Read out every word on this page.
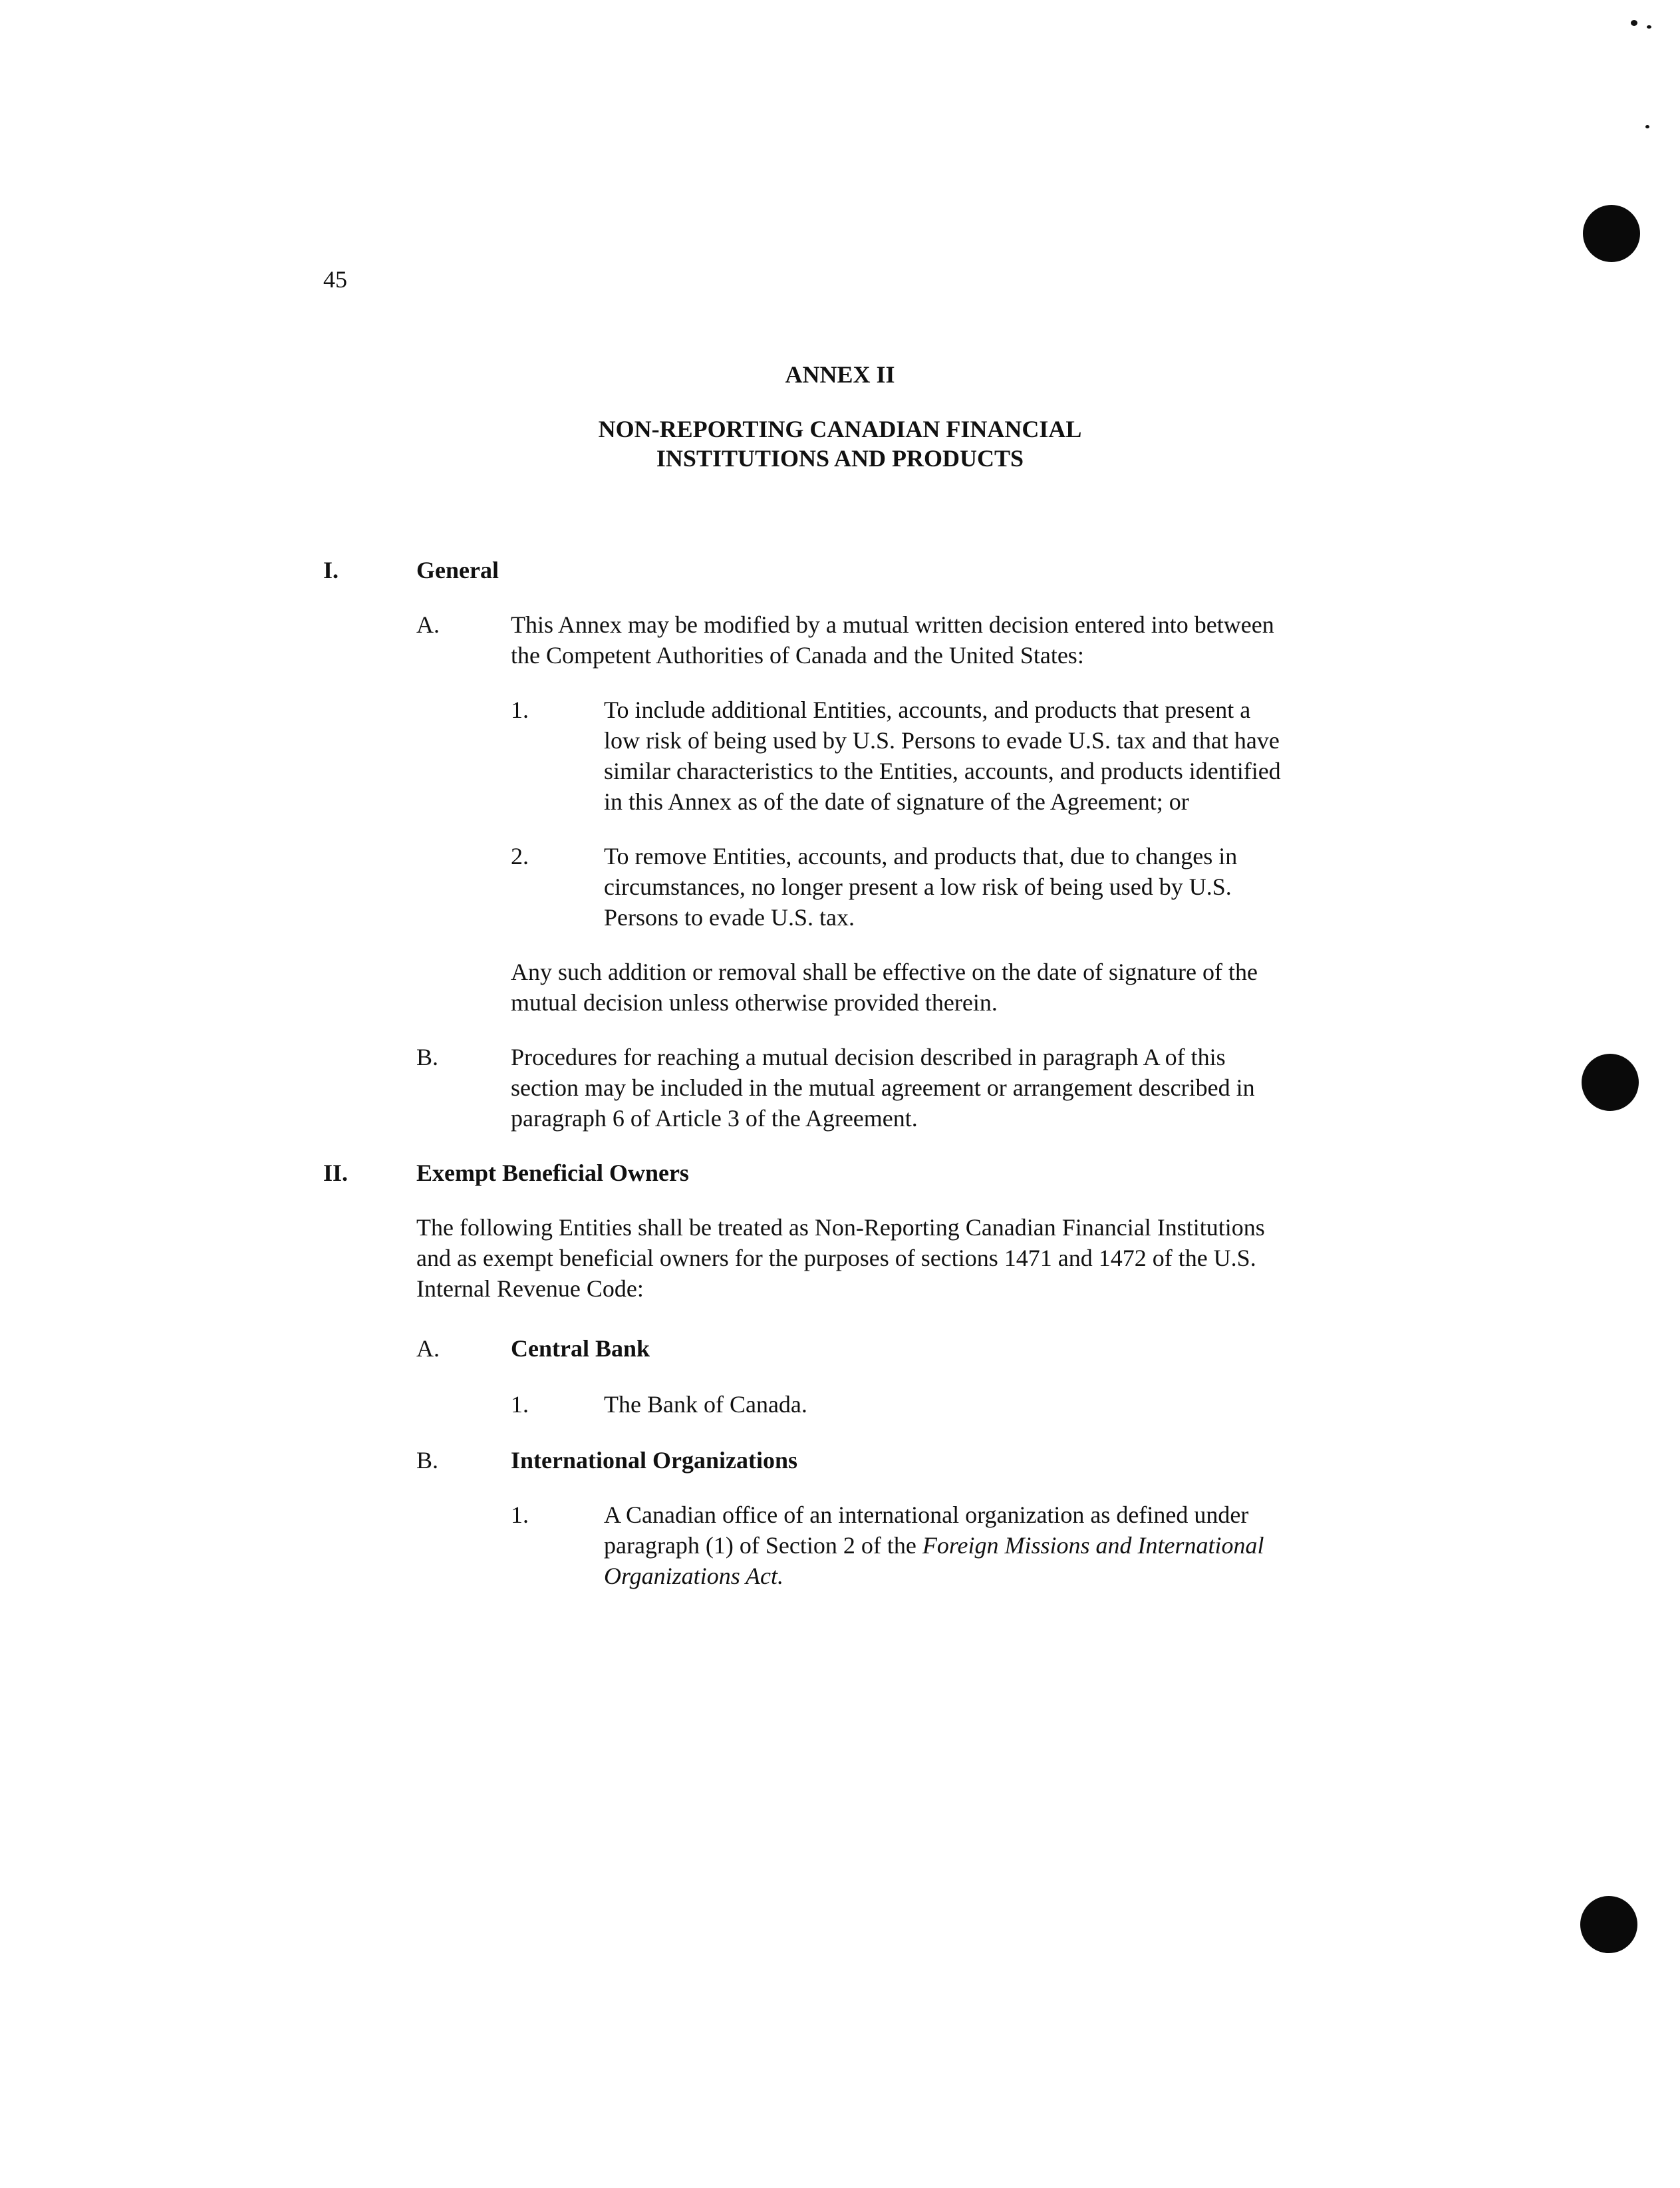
45
ANNEX II
NON-REPORTING CANADIAN FINANCIAL
INSTITUTIONS AND PRODUCTS
I.	General
A.	This Annex may be modified by a mutual written decision entered into between
the Competent Authorities of Canada and the United States:
1.	To include additional Entities, accounts, and products that present a
low risk of being used by U.S. Persons to evade U.S. tax and that have
similar characteristics to the Entities, accounts, and products identified
in this Annex as of the date of signature of the Agreement; or
2.	To remove Entities, accounts, and products that, due to changes in
circumstances, no longer present a low risk of being used by U.S.
Persons to evade U.S. tax.
Any such addition or removal shall be effective on the date of signature of the
mutual decision unless otherwise provided therein.
B.	Procedures for reaching a mutual decision described in paragraph A of this
section may be included in the mutual agreement or arrangement described in
paragraph 6 of Article 3 of the Agreement.
II.	Exempt Beneficial Owners
The following Entities shall be treated as Non-Reporting Canadian Financial Institutions
and as exempt beneficial owners for the purposes of sections 1471 and 1472 of the U.S.
Internal Revenue Code:
A.	Central Bank
1.	The Bank of Canada.
B.	International Organizations
1.	A Canadian office of an international organization as defined under
paragraph (1) of Section 2 of the Foreign Missions and International
Organizations Act.
